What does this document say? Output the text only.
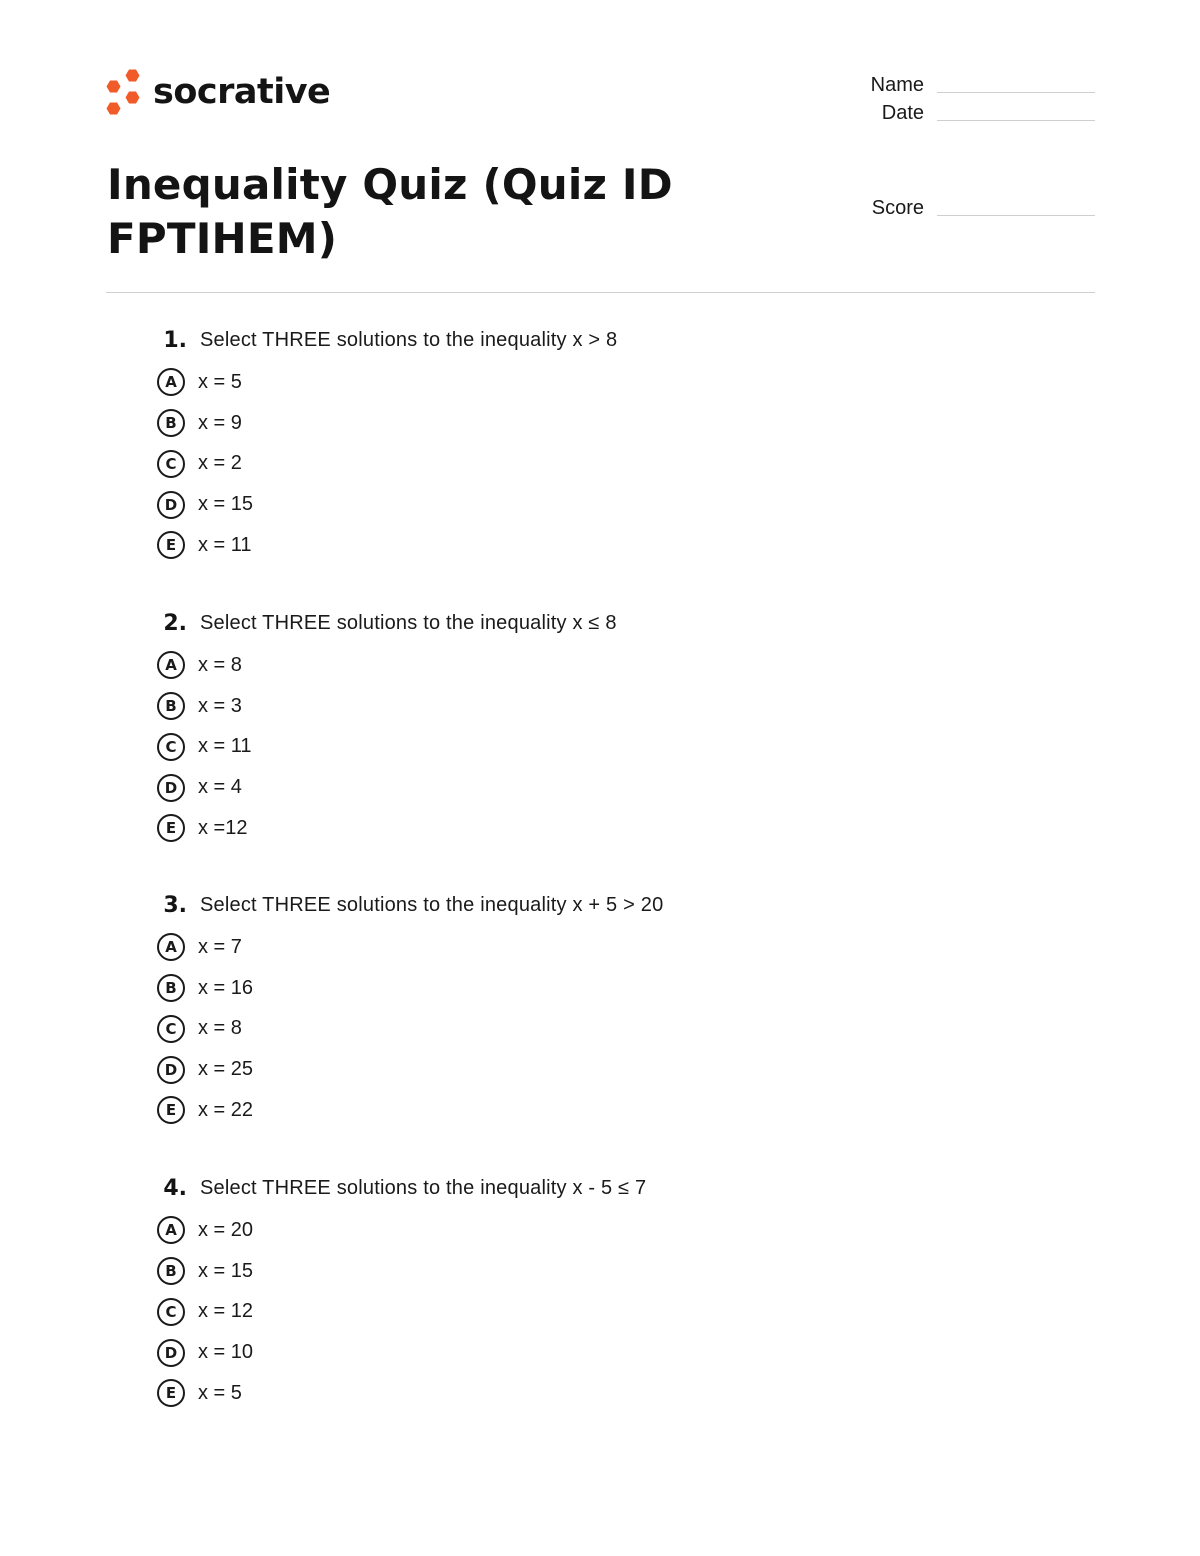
socrative
Inequality Quiz (Quiz ID FPTIHEM)
Name
Date
Score
1. Select THREE solutions to the inequality x > 8
A	x = 5
B	x = 9
C	x = 2
D	x = 15
E	x = 11
2. Select THREE solutions to the inequality x ≤ 8
A	x = 8
B	x = 3
C	x = 11
D	x = 4
E	x =12
3. Select THREE solutions to the inequality x + 5 > 20
A	x = 7
B	x = 16
C	x = 8
D	x = 25
E	x = 22
4. Select THREE solutions to the inequality x - 5 ≤ 7
A	x = 20
B	x = 15
C	x = 12
D	x = 10
E	x = 5
